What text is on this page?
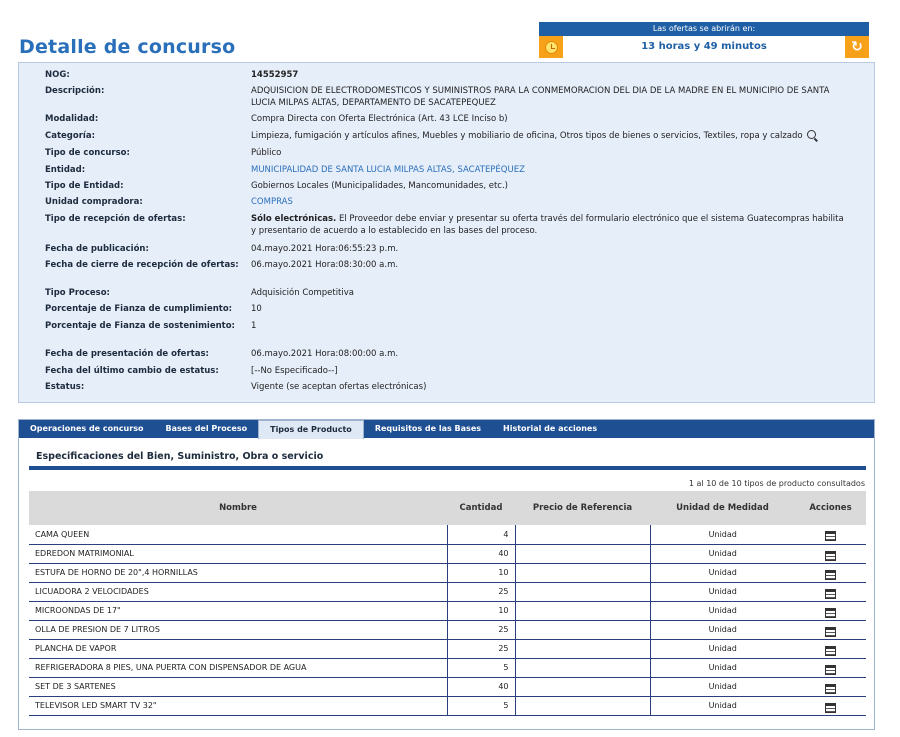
Detalle de concurso
Las ofertas se abrirán en:
13 horas y 49 minutos	↻
NOG:	14552957
Descripción:	ADQUISICION DE ELECTRODOMESTICOS Y SUMINISTROS PARA LA CONMEMORACION DEL DIA DE LA MADRE EN EL MUNICIPIO DE SANTA LUCIA MILPAS ALTAS, DEPARTAMENTO DE SACATEPEQUEZ
Modalidad:	Compra Directa con Oferta Electrónica (Art. 43 LCE Inciso b)
Categoría:	Limpieza, fumigación y artículos afines, Muebles y mobiliario de oficina, Otros tipos de bienes o servicios, Textiles, ropa y calzado
Tipo de concurso:	Público
Entidad:	MUNICIPALIDAD DE SANTA LUCIA MILPAS ALTAS, SACATEPÉQUEZ
Tipo de Entidad:	Gobiernos Locales (Municipalidades, Mancomunidades, etc.)
Unidad compradora:	COMPRAS
Tipo de recepción de ofertas:	Sólo electrónicas. El Proveedor debe enviar y presentar su oferta través del formulario electrónico que el sistema Guatecompras habilita y presentario de acuerdo a lo establecido en las bases del proceso.
Fecha de publicación:	04.mayo.2021 Hora:06:55:23 p.m.
Fecha de cierre de recepción de ofertas:	06.mayo.2021 Hora:08:30:00 a.m.
Tipo Proceso:	Adquisición Competitiva
Porcentaje de Fianza de cumplimiento:	10
Porcentaje de Fianza de sostenimiento:	1
Fecha de presentación de ofertas:	06.mayo.2021 Hora:08:00:00 a.m.
Fecha del último cambio de estatus:	[--No Especificado--]
Estatus:	Vigente (se aceptan ofertas electrónicas)
Operaciones de concurso	Bases del Proceso	Tipos de Producto	Requisitos de las Bases	Historial de acciones
Especificaciones del Bien, Suministro, Obra o servicio
1 al 10 de 10 tipos de producto consultados
Nombre	Cantidad	Precio de Referencia	Unidad de Medidad	Acciones
CAMA QUEEN	4		Unidad	
EDREDON MATRIMONIAL	40		Unidad	
ESTUFA DE HORNO DE 20",4 HORNILLAS	10		Unidad	
LICUADORA 2 VELOCIDADES	25		Unidad	
MICROONDAS DE 17"	10		Unidad	
OLLA DE PRESION DE 7 LITROS	25		Unidad	
PLANCHA DE VAPOR	25		Unidad	
REFRIGERADORA 8 PIES, UNA PUERTA CON DISPENSADOR DE AGUA	5		Unidad	
SET DE 3 SARTENES	40		Unidad	
TELEVISOR LED SMART TV 32"	5		Unidad	
